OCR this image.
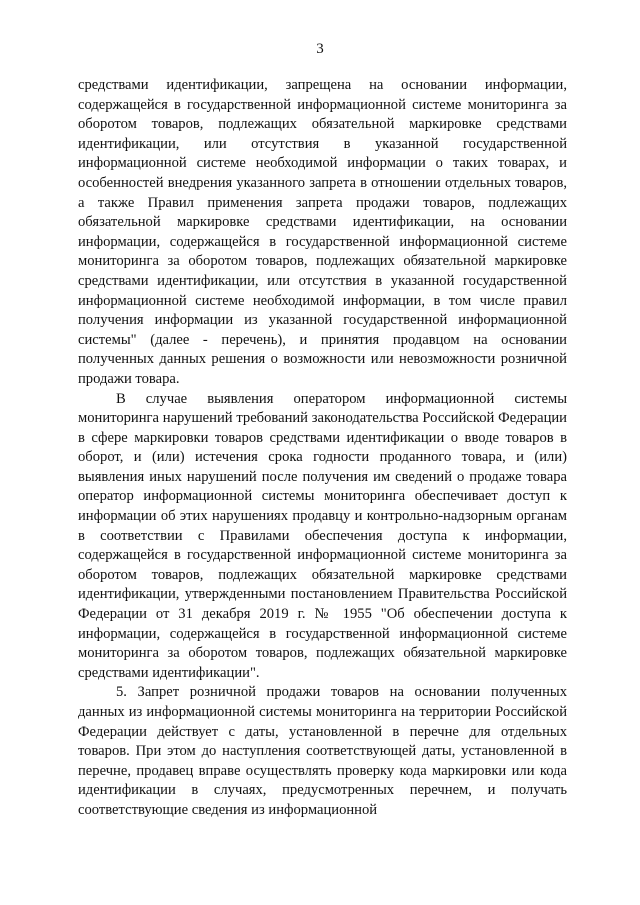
3

средствами идентификации, запрещена на основании информации, содержащейся в государственной информационной системе мониторинга за оборотом товаров, подлежащих обязательной маркировке средствами идентификации, или отсутствия в указанной государственной информационной системе необходимой информации о таких товарах, и особенностей внедрения указанного запрета в отношении отдельных товаров, а также Правил применения запрета продажи товаров, подлежащих обязательной маркировке средствами идентификации, на основании информации, содержащейся в государственной информационной системе мониторинга за оборотом товаров, подлежащих обязательной маркировке средствами идентификации, или отсутствия в указанной государственной информационной системе необходимой информации, в том числе правил получения информации из указанной государственной информационной системы" (далее - перечень), и принятия продавцом на основании полученных данных решения о возможности или невозможности розничной продажи товара.

В случае выявления оператором информационной системы мониторинга нарушений требований законодательства Российской Федерации в сфере маркировки товаров средствами идентификации о вводе товаров в оборот, и (или) истечения срока годности проданного товара, и (или) выявления иных нарушений после получения им сведений о продаже товара оператор информационной системы мониторинга обеспечивает доступ к информации об этих нарушениях продавцу и контрольно-надзорным органам в соответствии с Правилами обеспечения доступа к информации, содержащейся в государственной информационной системе мониторинга за оборотом товаров, подлежащих обязательной маркировке средствами идентификации, утвержденными постановлением Правительства Российской Федерации от 31 декабря 2019 г. № 1955 "Об обеспечении доступа к информации, содержащейся в государственной информационной системе мониторинга за оборотом товаров, подлежащих обязательной маркировке средствами идентификации".

5. Запрет розничной продажи товаров на основании полученных данных из информационной системы мониторинга на территории Российской Федерации действует с даты, установленной в перечне для отдельных товаров. При этом до наступления соответствующей даты, установленной в перечне, продавец вправе осуществлять проверку кода маркировки или кода идентификации в случаях, предусмотренных перечнем, и получать соответствующие сведения из информационной
